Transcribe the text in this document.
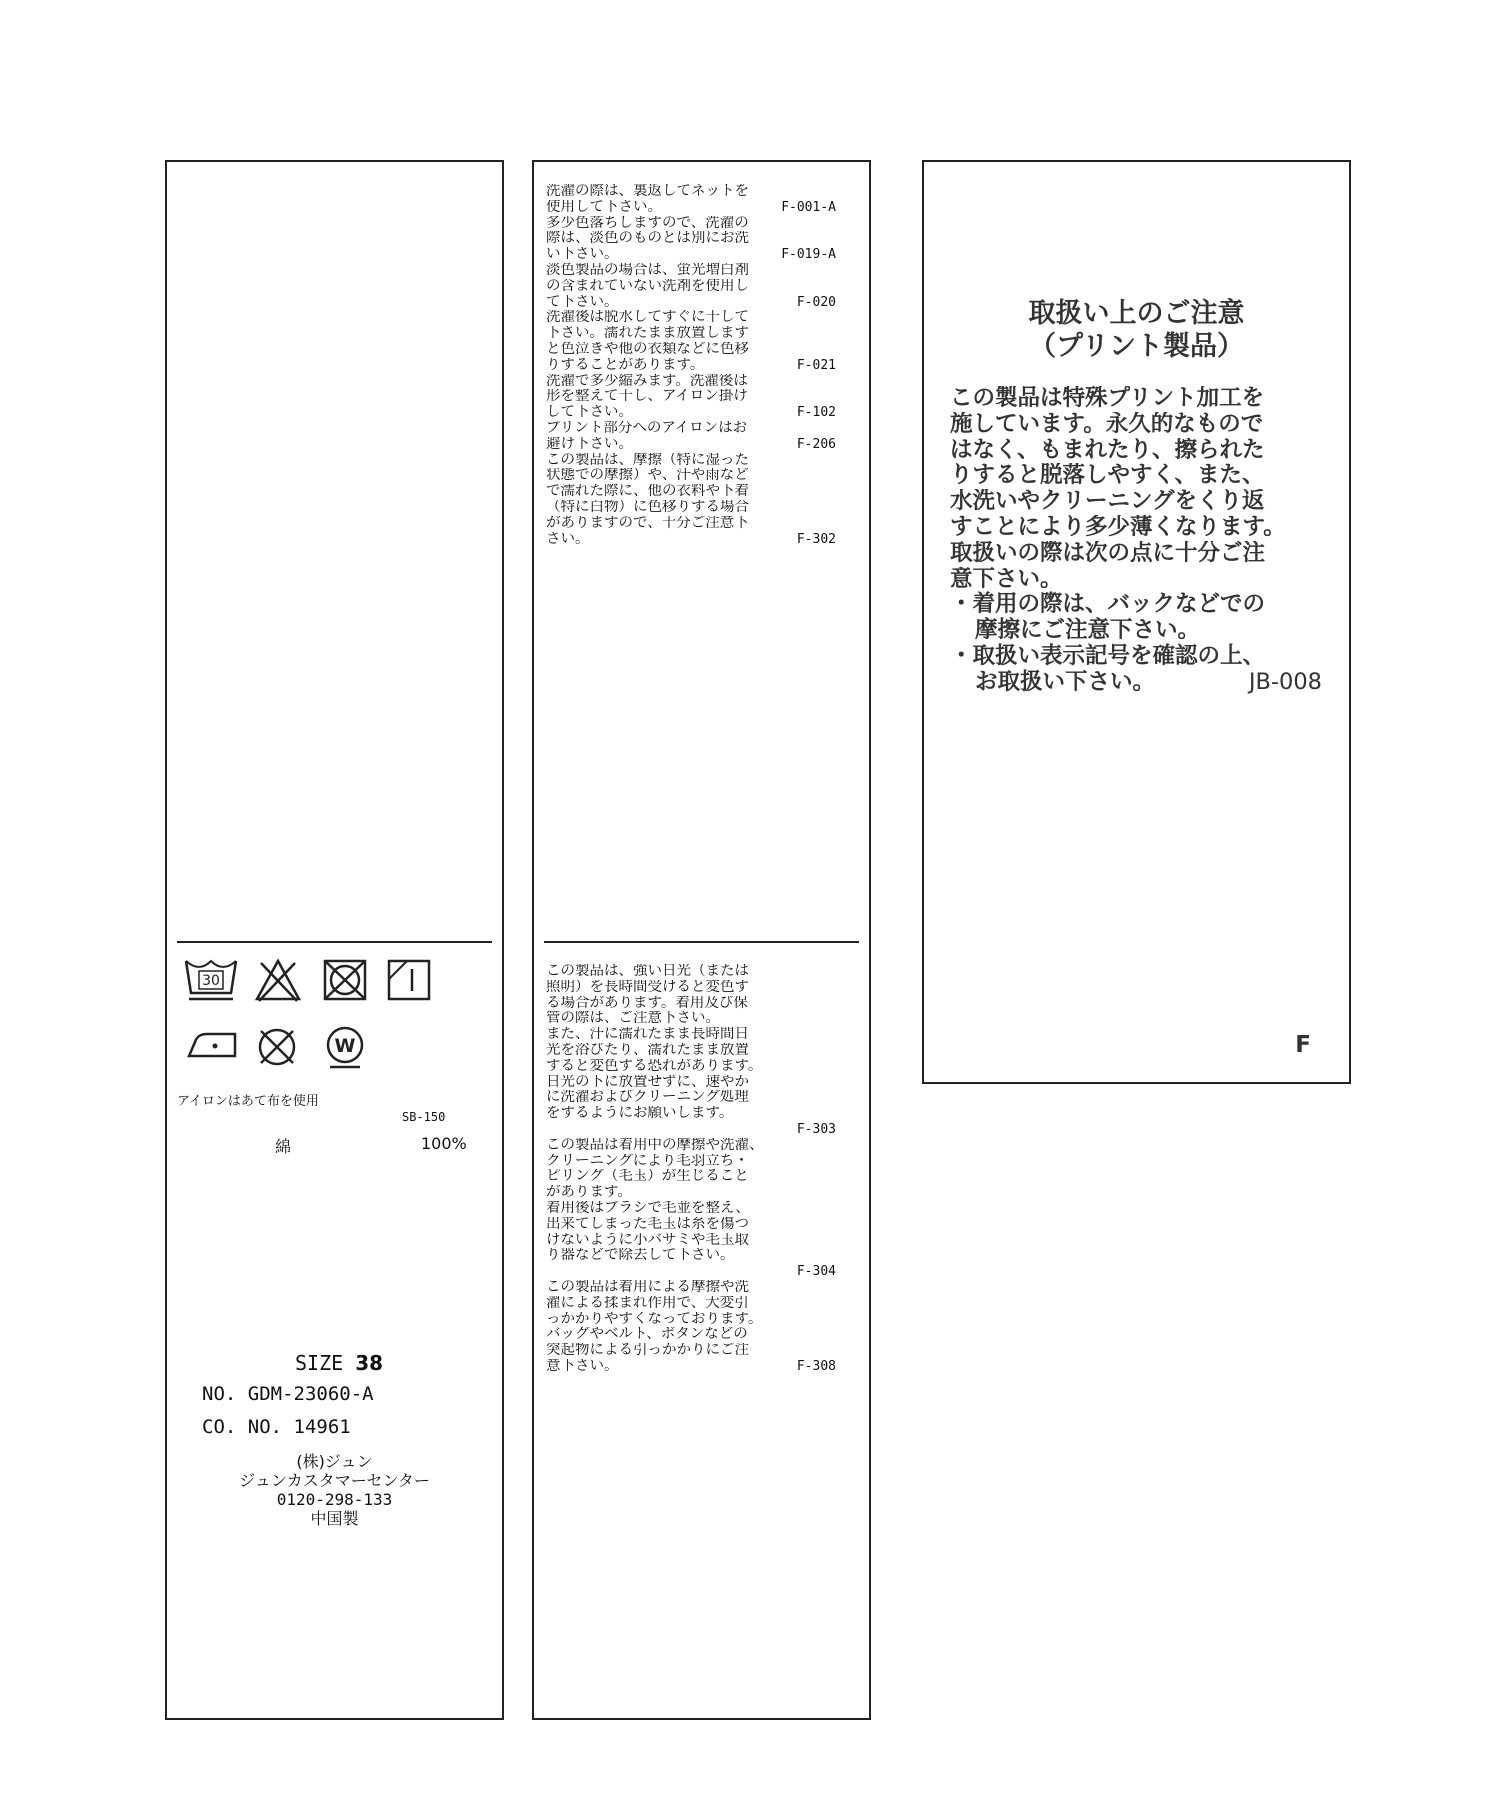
30
W
アイロンはあて布を使用
SB-150
綿	100%
SIZE 38
NO. GDM-23060-A
CO. NO. 14961
(株)ジュン
ジュンカスタマーセンター
0120-298-133
中国製
洗濯の際は、裏返してネットを
F-001-A
使用して下さい。
多少色落ちしますので、洗濯の
際は、淡色のものとは別にお洗
F-019-A
い下さい。
淡色製品の場合は、蛍光増白剤
の含まれていない洗剤を使用し
F-020
て下さい。
洗濯後は脱水してすぐに干して
下さい。濡れたまま放置します
と色泣きや他の衣類などに色移
F-021
りすることがあります。
洗濯で多少縮みます。洗濯後は
形を整えて干し、アイロン掛け
F-102
して下さい。
プリント部分へのアイロンはお
F-206
避け下さい。
この製品は、摩擦（特に湿った
状態での摩擦）や、汗や雨など
で濡れた際に、他の衣料や下着
（特に白物）に色移りする場合
がありますので、十分ご注意下
F-302
さい。
この製品は、強い日光（または
照明）を長時間受けると変色す
る場合があります。着用及び保
管の際は、ご注意下さい。
また、汗に濡れたまま長時間日
光を浴びたり、濡れたまま放置
すると変色する恐れがあります。
日光の下に放置せずに、速やか
に洗濯およびクリーニング処理
をするようにお願いします。
F-303
この製品は着用中の摩擦や洗濯、
クリーニングにより毛羽立ち・
ピリング（毛玉）が生じること
があります。
着用後はブラシで毛並を整え、
出来てしまった毛玉は糸を傷つ
けないように小バサミや毛玉取
り器などで除去して下さい。
F-304
この製品は着用による摩擦や洗
濯による揉まれ作用で、大変引
っかかりやすくなっております。
バッグやベルト、ボタンなどの
突起物による引っかかりにご注
F-308
意下さい。
取扱い上のご注意
（プリント製品）
この製品は特殊プリント加工を
施しています。永久的なもので
はなく、もまれたり、擦られた
りすると脱落しやすく、また、
水洗いやクリーニングをくり返
すことにより多少薄くなります。
取扱いの際は次の点に十分ご注
意下さい。
・着用の際は、バックなどでの
摩擦にご注意下さい。
・取扱い表示記号を確認の上、
お取扱い下さい。	JB-008
F
